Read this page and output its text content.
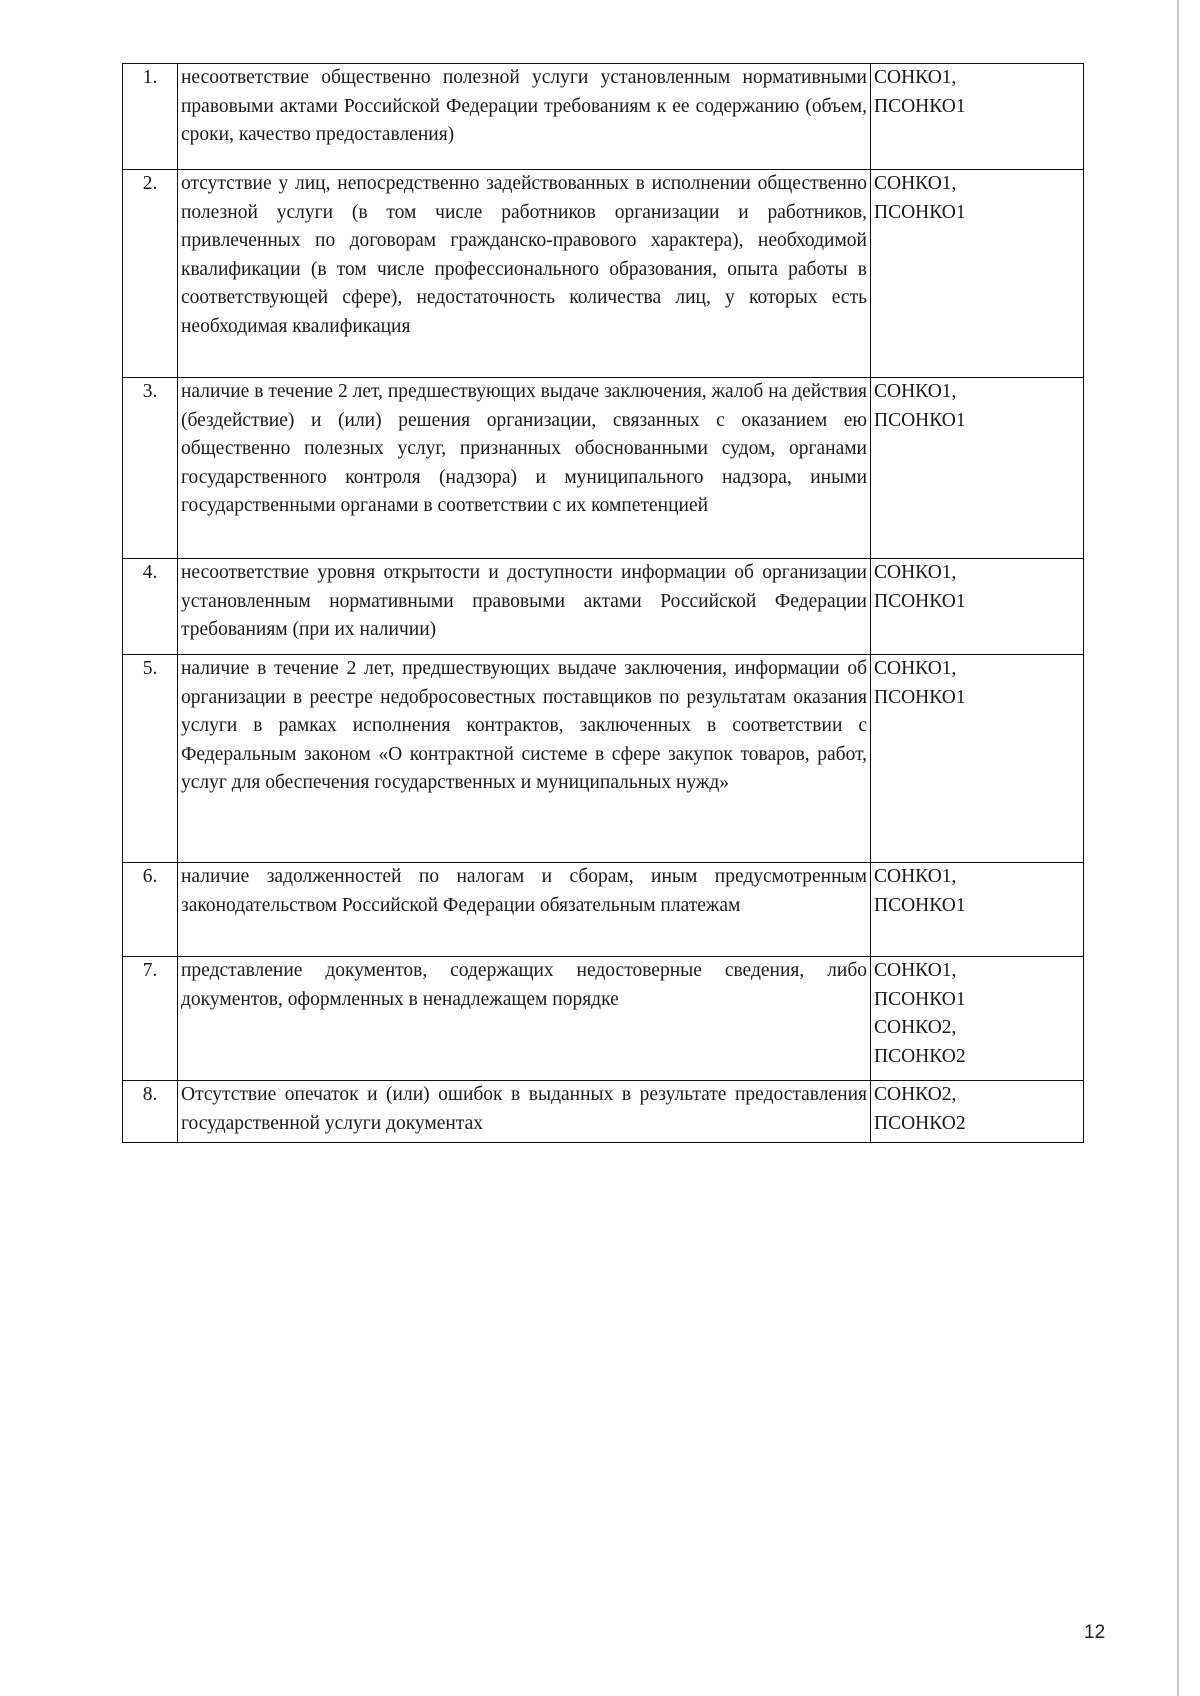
1.	несоответствие общественно полезной услуги установленным нормативными правовыми актами Российской Федерации требованиям к ее содержанию (объем, сроки, качество предоставления)	СОНКО1,
ПСОНКО1

2.	отсутствие у лиц, непосредственно задействованных в исполнении общественно полезной услуги (в том числе работников организации и работников, привлеченных по договорам гражданско-правового характера), необходимой квалификации (в том числе профессионального образования, опыта работы в соответствующей сфере), недостаточность количества лиц, у которых есть необходимая квалификация	СОНКО1,
ПСОНКО1

3.	наличие в течение 2 лет, предшествующих выдаче заключения, жалоб на действия (бездействие) и (или) решения организации, связанных с оказанием ею общественно полезных услуг, признанных обоснованными судом, органами государственного контроля (надзора) и муниципального надзора, иными государственными органами в соответствии с их компетенцией	СОНКО1,
ПСОНКО1

4.	несоответствие уровня открытости и доступности информации об организации установленным нормативными правовыми актами Российской Федерации требованиям (при их наличии)	СОНКО1,
ПСОНКО1

5.	наличие в течение 2 лет, предшествующих выдаче заключения, информации об организации в реестре недобросовестных поставщиков по результатам оказания услуги в рамках исполнения контрактов, заключенных в соответствии с Федеральным законом «О контрактной системе в сфере закупок товаров, работ, услуг для обеспечения государственных и муниципальных нужд»	СОНКО1,
ПСОНКО1

6.	наличие задолженностей по налогам и сборам, иным предусмотренным законодательством Российской Федерации обязательным платежам	СОНКО1,
ПСОНКО1

7.	представление документов, содержащих недостоверные сведения, либо документов, оформленных в ненадлежащем порядке	СОНКО1,
ПСОНКО1
СОНКО2,
ПСОНКО2

8.	Отсутствие опечаток и (или) ошибок в выданных в результате предоставления государственной услуги документах	СОНКО2,
ПСОНКО2
12
